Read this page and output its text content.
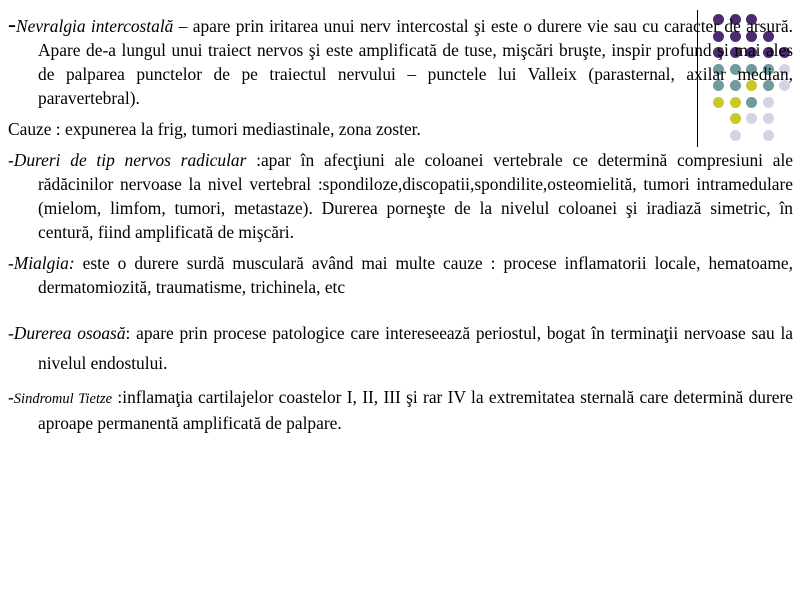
-Nevralgia intercostală – apare prin iritarea unui nerv intercostal şi este o durere vie sau cu caracter de arsură. Apare de-a lungul unui traiect nervos şi este amplificată de tuse, mişcări bruşte, inspir profund şi mai ales de palparea punctelor de pe traiectul nervului – punctele lui Valleix (parasternal, axilar median, paravertebral).

Cauze : expunerea la frig, tumori mediastinale, zona zoster.

-Dureri de tip nervos radicular :apar în afecţiuni ale coloanei vertebrale ce determină compresiuni ale rădăcinilor nervoase la nivel vertebral :spondiloze,discopatii,spondilite,osteomielită, tumori intramedulare (mielom, limfom, tumori, metastaze). Durerea porneşte de la nivelul coloanei şi iradiază simetric, în centură, fiind amplificată de mişcări.

-Mialgia: este o durere surdă musculară având mai multe cauze : procese inflamatorii locale, hematoame, dermatomiozită, traumatisme, trichinela, etc

-Durerea osoasă: apare prin procese patologice care intereseează periostul, bogat în terminaţii nervoase sau la nivelul endostului.

-Sindromul Tietze :inflamaţia cartilajelor coastelor I, II, III şi rar IV la extremitatea sternală care determină durere aproape permanentă amplificată de palpare.
